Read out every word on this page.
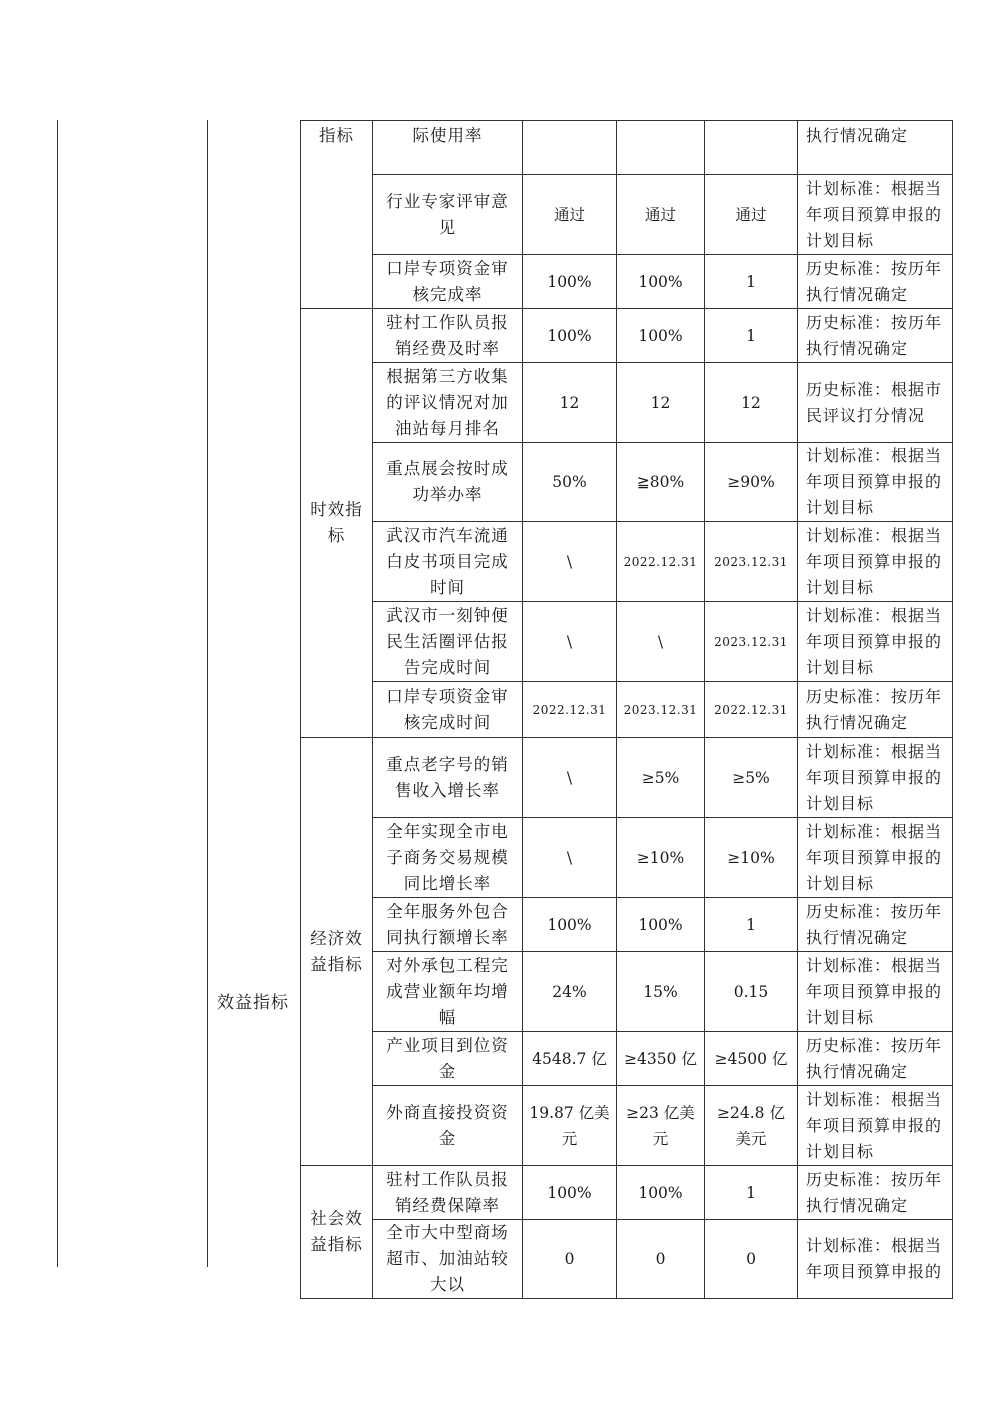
效益指标
指标	际使用率				执行情况确定
	行业专家评审意见	通过	通过	通过	计划标准：根据当年项目预算申报的计划目标
	口岸专项资金审核完成率	100%	100%	1	历史标准：按历年执行情况确定
时效指标	驻村工作队员报销经费及时率	100%	100%	1	历史标准：按历年执行情况确定
	根据第三方收集的评议情况对加油站每月排名	12	12	12	历史标准：根据市民评议打分情况
	重点展会按时成功举办率	50%	≧80%	≥90%	计划标准：根据当年项目预算申报的计划目标
	武汉市汽车流通白皮书项目完成时间	\	2022.12.31	2023.12.31	计划标准：根据当年项目预算申报的计划目标
	武汉市一刻钟便民生活圈评估报告完成时间	\	\	2023.12.31	计划标准：根据当年项目预算申报的计划目标
	口岸专项资金审核完成时间	2022.12.31	2023.12.31	2022.12.31	历史标准：按历年执行情况确定
经济效益指标	重点老字号的销售收入增长率	\	≥5%	≥5%	计划标准：根据当年项目预算申报的计划目标
	全年实现全市电子商务交易规模同比增长率	\	≥10%	≥10%	计划标准：根据当年项目预算申报的计划目标
	全年服务外包合同执行额增长率	100%	100%	1	历史标准：按历年执行情况确定
	对外承包工程完成营业额年均增幅	24%	15%	0.15	计划标准：根据当年项目预算申报的计划目标
	产业项目到位资金	4548.7 亿	≥4350 亿	≥4500 亿	历史标准：按历年执行情况确定
	外商直接投资资金	19.87 亿美元	≥23 亿美元	≥24.8 亿美元	计划标准：根据当年项目预算申报的计划目标
社会效益指标	驻村工作队员报销经费保障率	100%	100%	1	历史标准：按历年执行情况确定
	全市大中型商场超市、加油站较大以	0	0	0	计划标准：根据当年项目预算申报的
